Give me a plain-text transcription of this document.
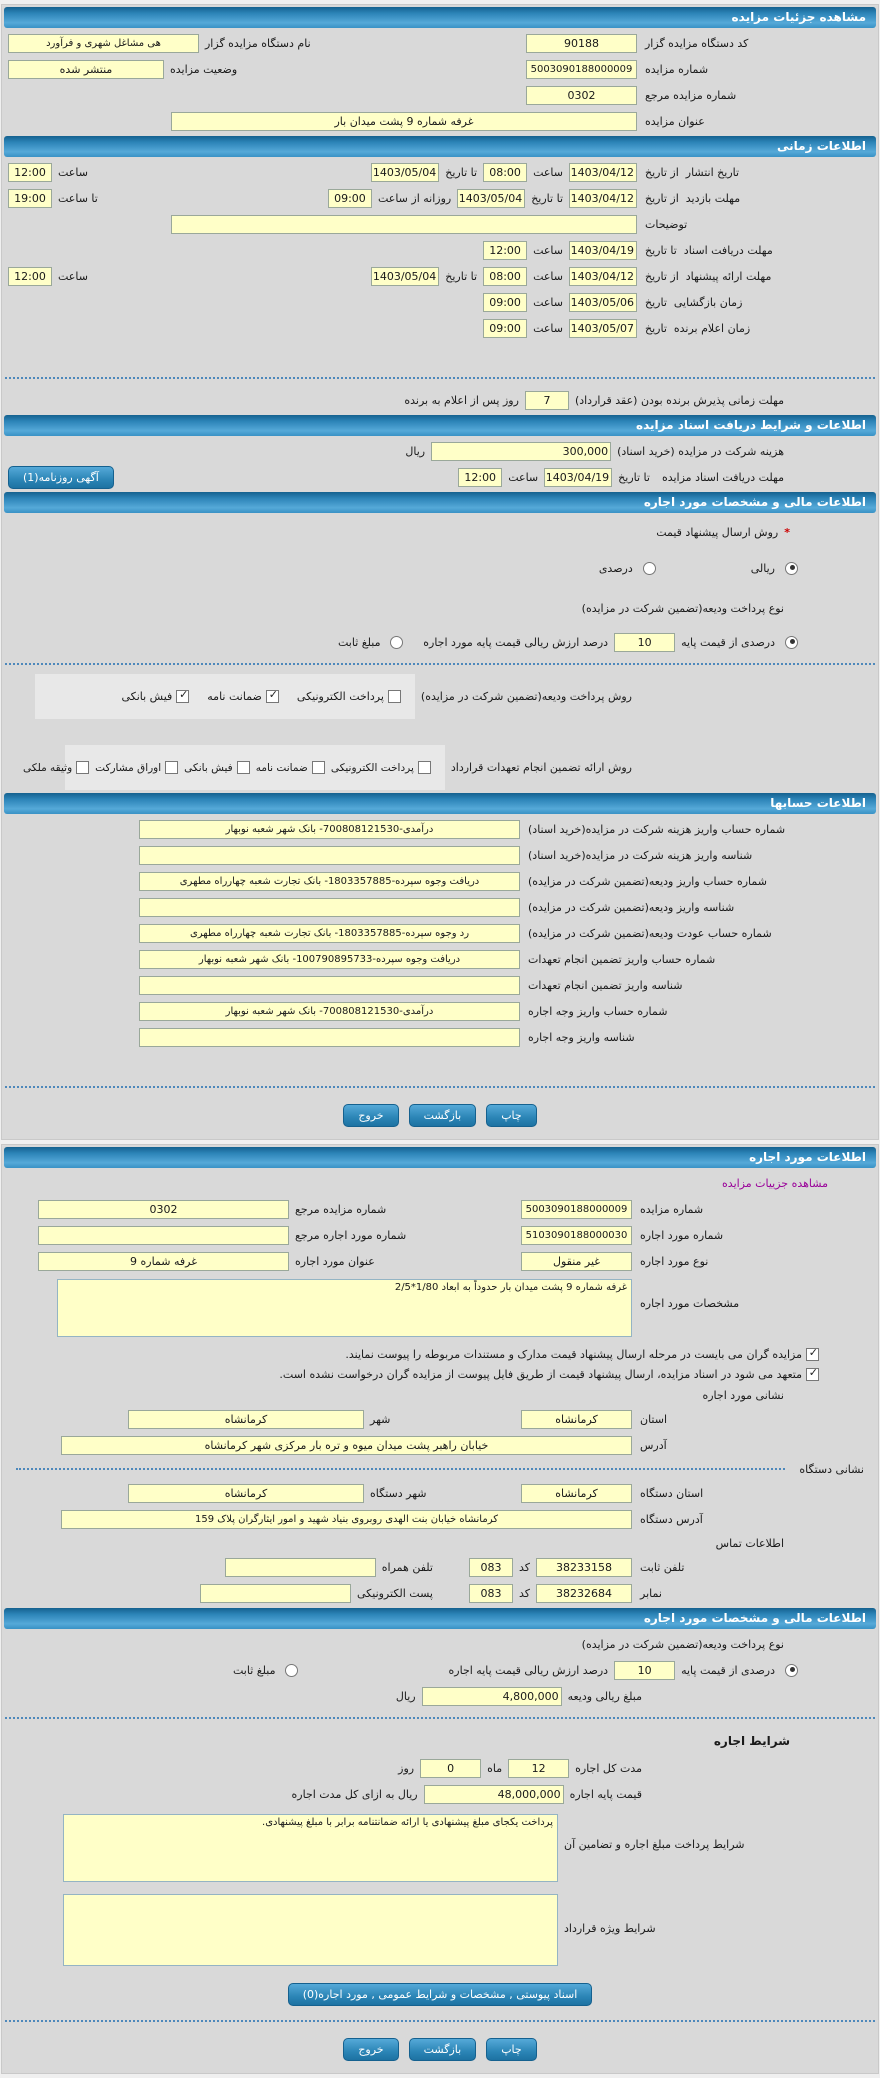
مشاهده جزئیات مزایده
کد دستگاه مزایده گزار
90188
نام دستگاه مزایده گزار
هی مشاغل شهری و فرآورد
شماره مزایده
5003090188000009
وضعیت مزایده
منتشر شده
شماره مزایده مرجع
0302
عنوان مزایده
غرفه شماره 9 پشت میدان بار
اطلاعات زمانی
تاریخ انتشار  از تاریخ
1403/04/12
ساعت
08:00
تا تاریخ
1403/05/04
ساعت
12:00
مهلت بازدید  از تاریخ
1403/04/12
تا تاریخ
1403/05/04
روزانه از ساعت
09:00
تا ساعت
19:00
توضیحات
مهلت دریافت اسناد  تا تاریخ
1403/04/19
ساعت
12:00
مهلت ارائه پیشنهاد  از تاریخ
1403/04/12
ساعت
08:00
تا تاریخ
1403/05/04
ساعت
12:00
زمان بازگشایی  تاریخ
1403/05/06
ساعت
09:00
زمان اعلام برنده  تاریخ
1403/05/07
ساعت
09:00
مهلت زمانی پذیرش برنده بودن (عقد قرارداد)
7
روز پس از اعلام به برنده
اطلاعات و شرایط دریافت اسناد مزایده
هزینه شرکت در مزایده (خرید اسناد)
300,000
ریال
مهلت دریافت اسناد مزایده
تا تاریخ
1403/04/19
ساعت
12:00
آگهی روزنامه(1)
اطلاعات مالی و مشخصات مورد اجاره
*
روش ارسال پیشنهاد قیمت
ریالی
درصدی
نوع پرداخت ودیعه(تضمین شرکت در مزایده)
درصدی از قیمت پایه
10
درصد ارزش ریالی قیمت پایه مورد اجاره
مبلغ ثابت
روش پرداخت ودیعه(تضمین شرکت در مزایده)
پرداخت الکترونیکی
✓
ضمانت نامه
✓
فیش بانکی
روش ارائه تضمین انجام تعهدات قرارداد
پرداخت الکترونیکی
ضمانت نامه
فیش بانکی
اوراق مشارکت
وثیقه ملکی
اطلاعات حسابها
شماره حساب واریز هزینه شرکت در مزایده(خرید اسناد)
درآمدی-700808121530- بانک شهر شعبه نوبهار
شناسه واریز هزینه شرکت در مزایده(خرید اسناد)
شماره حساب واریز ودیعه(تضمین شرکت در مزایده)
دریافت وجوه سپرده-1803357885- بانک تجارت شعبه چهارراه مطهری
شناسه واریز ودیعه(تضمین شرکت در مزایده)
شماره حساب عودت ودیعه(تضمین شرکت در مزایده)
رد وجوه سپرده-1803357885- بانک تجارت شعبه چهارراه مطهری
شماره حساب واریز تضمین انجام تعهدات
دریافت وجوه سپرده-100790895733- بانک شهر شعبه نوبهار
شناسه واریز تضمین انجام تعهدات
شماره حساب واریز وجه اجاره
درآمدی-700808121530- بانک شهر شعبه نوبهار
شناسه واریز وجه اجاره
چاپ
بازگشت
خروج
اطلاعات مورد اجاره
مشاهده جزییات مزایده
شماره مزایده
5003090188000009
شماره مزایده مرجع
0302
شماره مورد اجاره
5103090188000030
شماره مورد اجاره مرجع
نوع مورد اجاره
غیر منقول
عنوان مورد اجاره
غرفه شماره 9
مشخصات مورد اجاره
غرفه شماره 9 پشت میدان بار حدوداً به ابعاد 1/80*2/5
✓
مزایده گران می بایست در مرحله ارسال پیشنهاد قیمت مدارک و مستندات مربوطه را پیوست نمایند.
✓
متعهد می شود در اسناد مزایده، ارسال پیشنهاد قیمت از طریق فایل پیوست از مزایده گران درخواست نشده است.
نشانی مورد اجاره
استان
کرمانشاه
شهر
کرمانشاه
آدرس
خیابان راهبر پشت میدان میوه و تره بار مرکزی شهر کرمانشاه
نشانی دستگاه
استان دستگاه
کرمانشاه
شهر دستگاه
کرمانشاه
آدرس دستگاه
کرمانشاه خیابان بنت الهدی روبروی بنیاد شهید و امور ایثارگران پلاک 159
اطلاعات تماس
تلفن ثابت
38233158
کد
083
تلفن همراه
نمابر
38232684
کد
083
پست الکترونیکی
اطلاعات مالی و مشخصات مورد اجاره
نوع پرداخت ودیعه(تضمین شرکت در مزایده)
درصدی از قیمت پایه
10
درصد ارزش ریالی قیمت پایه اجاره
مبلغ ثابت
مبلغ ریالی ودیعه
4,800,000
ریال
شرایط اجاره
مدت کل اجاره
12
ماه
0
روز
قیمت پایه اجاره
48,000,000
ریال به ازای کل مدت اجاره
شرایط پرداخت مبلغ اجاره و تضامین آن
پرداخت یکجای مبلغ پیشنهادی یا ارائه ضمانتنامه برابر با مبلغ پیشنهادی.
شرایط ویژه قرارداد
اسناد پیوستی , مشخصات و شرایط عمومی , مورد اجاره(0)
چاپ
بازگشت
خروج
